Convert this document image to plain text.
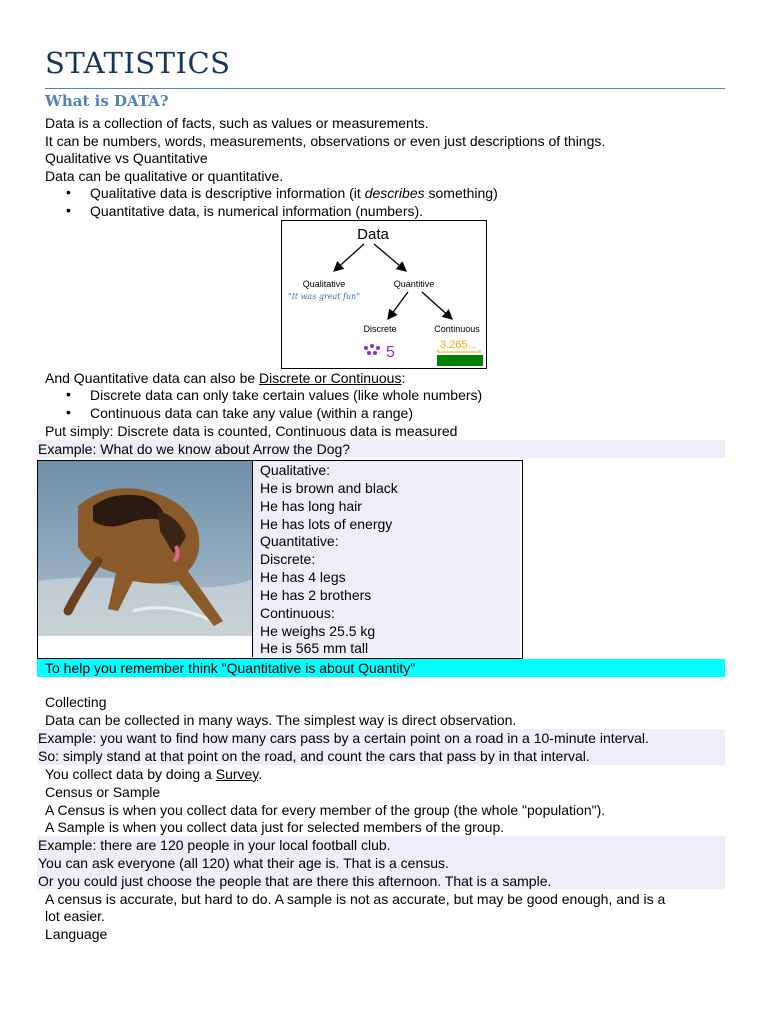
STATISTICS
What is DATA?
Data is a collection of facts, such as values or measurements.
It can be numbers, words, measurements, observations or even just descriptions of things.
Qualitative vs Quantitative
Data can be qualitative or quantitative.
• Qualitative data is descriptive information (it describes something)
• Quantitative data, is numerical information (numbers).
Data
Qualitative
"It was great fun"
Quantitive
Discrete	Continuous
5	3.265...
And Quantitative data can also be Discrete or Continuous:
• Discrete data can only take certain values (like whole numbers)
• Continuous data can take any value (within a range)
Put simply: Discrete data is counted, Continuous data is measured
Example: What do we know about Arrow the Dog?
Qualitative:
He is brown and black
He has long hair
He has lots of energy
Quantitative:
Discrete:
He has 4 legs
He has 2 brothers
Continuous:
He weighs 25.5 kg
He is 565 mm tall
To help you remember think "Quantitative is about Quantity"
Collecting
Data can be collected in many ways. The simplest way is direct observation.
Example: you want to find how many cars pass by a certain point on a road in a 10-minute interval.
So: simply stand at that point on the road, and count the cars that pass by in that interval.
You collect data by doing a Survey.
Census or Sample
A Census is when you collect data for every member of the group (the whole "population").
A Sample is when you collect data just for selected members of the group.
Example: there are 120 people in your local football club.
You can ask everyone (all 120) what their age is. That is a census.
Or you could just choose the people that are there this afternoon. That is a sample.
A census is accurate, but hard to do. A sample is not as accurate, but may be good enough, and is a
lot easier.
Language
